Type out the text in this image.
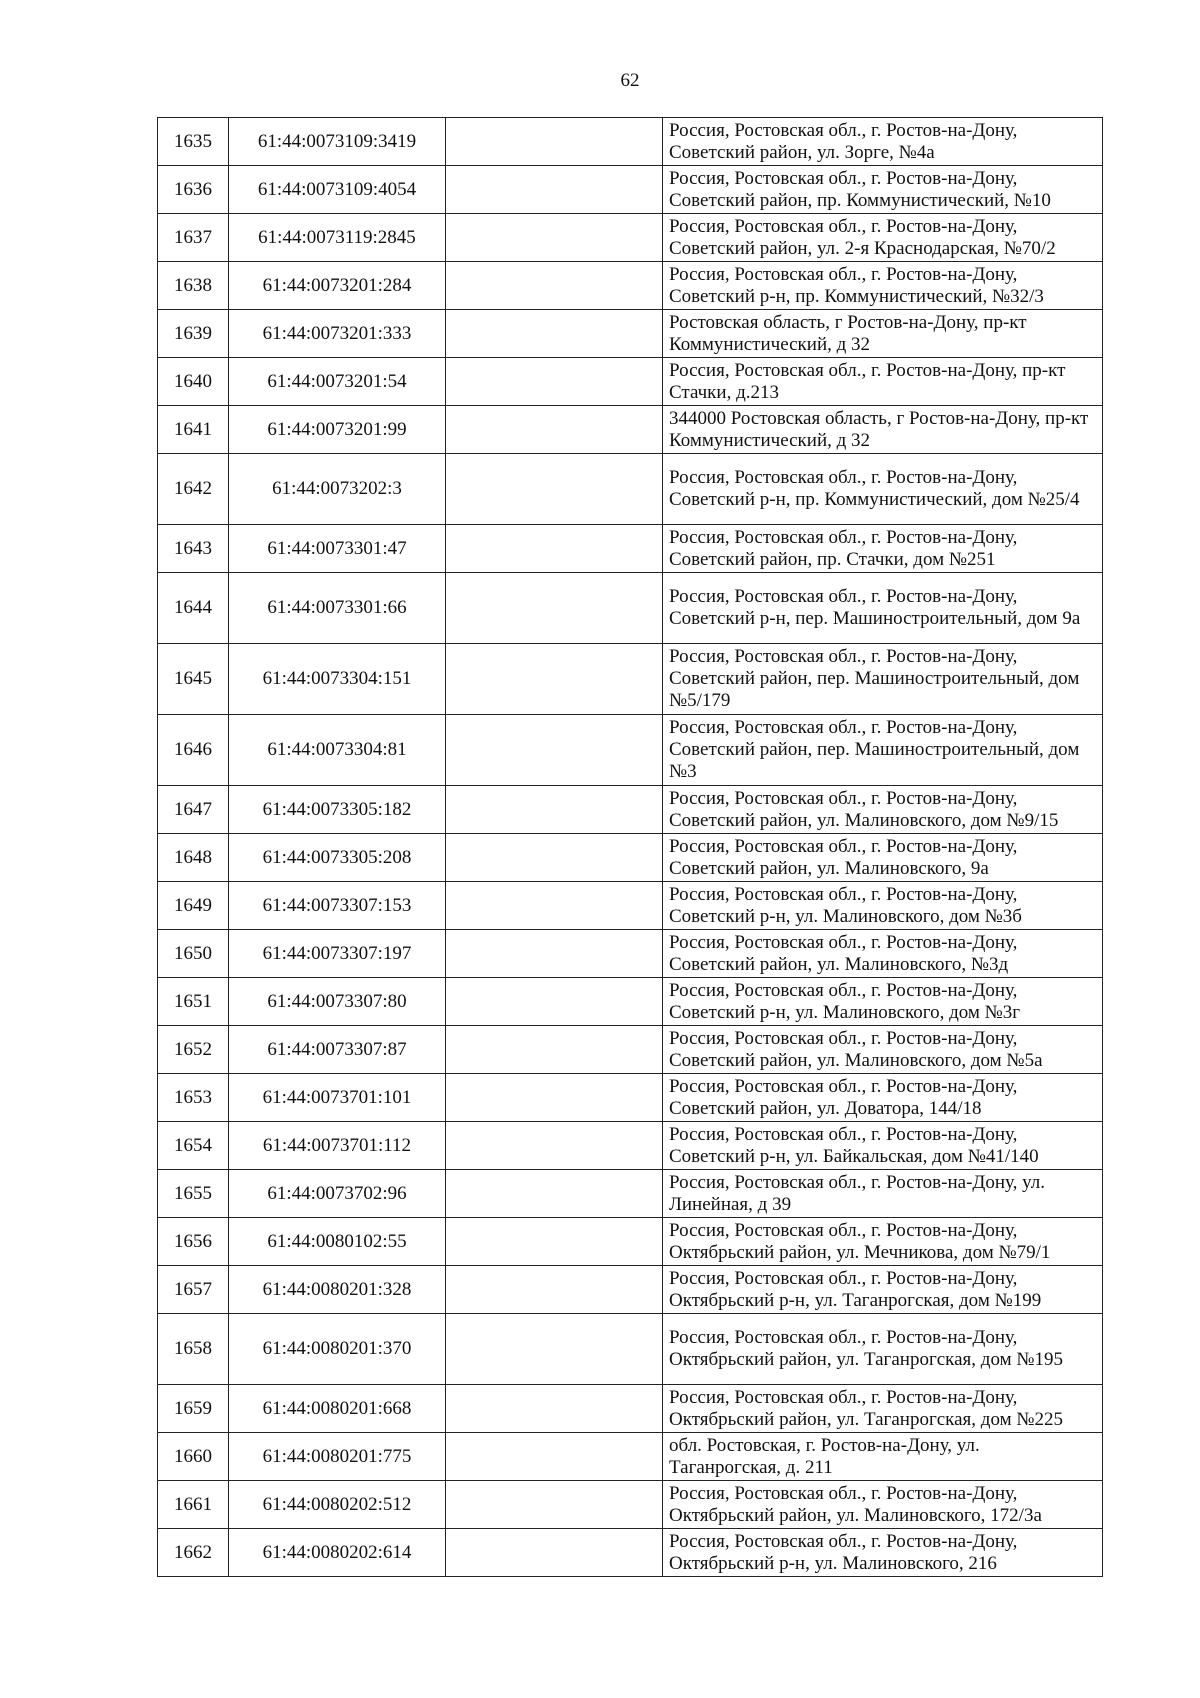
62
1635	61:44:0073109:3419		Россия, Ростовская обл., г. Ростов-на-Дону, Советский район, ул. Зорге, №4а
1636	61:44:0073109:4054		Россия, Ростовская обл., г. Ростов-на-Дону, Советский район, пр. Коммунистический, №10
1637	61:44:0073119:2845		Россия, Ростовская обл., г. Ростов-на-Дону, Советский район, ул. 2-я Краснодарская, №70/2
1638	61:44:0073201:284		Россия, Ростовская обл., г. Ростов-на-Дону, Советский р-н, пр. Коммунистический, №32/3
1639	61:44:0073201:333		Ростовская область, г Ростов-на-Дону, пр-кт Коммунистический, д 32
1640	61:44:0073201:54		Россия, Ростовская обл., г. Ростов-на-Дону, пр-кт Стачки, д.213
1641	61:44:0073201:99		344000 Ростовская область, г Ростов-на-Дону, пр-кт Коммунистический, д 32
1642	61:44:0073202:3		Россия, Ростовская обл., г. Ростов-на-Дону, Советский р-н, пр. Коммунистический, дом №25/4
1643	61:44:0073301:47		Россия, Ростовская обл., г. Ростов-на-Дону, Советский район, пр. Стачки, дом №251
1644	61:44:0073301:66		Россия, Ростовская обл., г. Ростов-на-Дону, Советский р-н, пер. Машиностроительный, дом 9а
1645	61:44:0073304:151		Россия, Ростовская обл., г. Ростов-на-Дону, Советский район, пер. Машиностроительный, дом №5/179
1646	61:44:0073304:81		Россия, Ростовская обл., г. Ростов-на-Дону, Советский район, пер. Машиностроительный, дом №3
1647	61:44:0073305:182		Россия, Ростовская обл., г. Ростов-на-Дону, Советский район, ул. Малиновского, дом №9/15
1648	61:44:0073305:208		Россия, Ростовская обл., г. Ростов-на-Дону, Советский район, ул. Малиновского, 9а
1649	61:44:0073307:153		Россия, Ростовская обл., г. Ростов-на-Дону, Советский р-н, ул. Малиновского, дом №3б
1650	61:44:0073307:197		Россия, Ростовская обл., г. Ростов-на-Дону, Советский район, ул. Малиновского, №3д
1651	61:44:0073307:80		Россия, Ростовская обл., г. Ростов-на-Дону, Советский р-н, ул. Малиновского, дом №3г
1652	61:44:0073307:87		Россия, Ростовская обл., г. Ростов-на-Дону, Советский район, ул. Малиновского, дом №5а
1653	61:44:0073701:101		Россия, Ростовская обл., г. Ростов-на-Дону, Советский район, ул. Доватора, 144/18
1654	61:44:0073701:112		Россия, Ростовская обл., г. Ростов-на-Дону, Советский р-н, ул. Байкальская, дом №41/140
1655	61:44:0073702:96		Россия, Ростовская обл., г. Ростов-на-Дону, ул. Линейная, д 39
1656	61:44:0080102:55		Россия, Ростовская обл., г. Ростов-на-Дону, Октябрьский район, ул. Мечникова, дом №79/1
1657	61:44:0080201:328		Россия, Ростовская обл., г. Ростов-на-Дону, Октябрьский р-н, ул. Таганрогская, дом №199
1658	61:44:0080201:370		Россия, Ростовская обл., г. Ростов-на-Дону, Октябрьский район, ул. Таганрогская, дом №195
1659	61:44:0080201:668		Россия, Ростовская обл., г. Ростов-на-Дону, Октябрьский район, ул. Таганрогская, дом №225
1660	61:44:0080201:775		обл. Ростовская, г. Ростов-на-Дону, ул. Таганрогская, д. 211
1661	61:44:0080202:512		Россия, Ростовская обл., г. Ростов-на-Дону, Октябрьский район, ул. Малиновского, 172/3а
1662	61:44:0080202:614		Россия, Ростовская обл., г. Ростов-на-Дону, Октябрьский р-н, ул. Малиновского, 216
